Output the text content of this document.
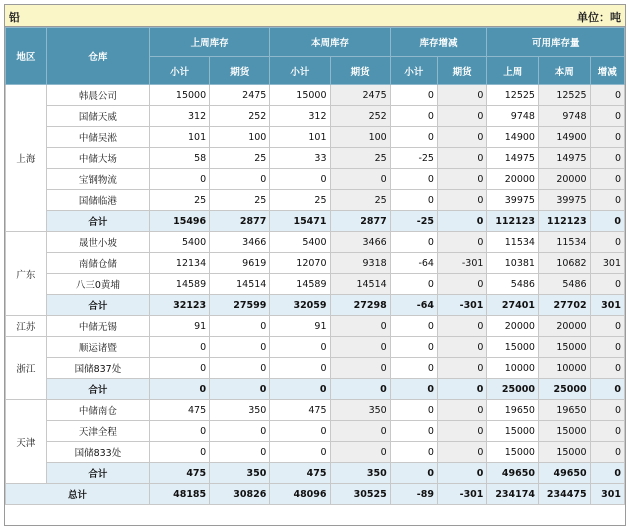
铅	单位：吨
地区	仓库	上周库存		本周库存		库存增减		可用库存量		
		小计	期货	小计	期货	小计	期货	上周	本周	增减
上海	韩晨公司	15000	2475	15000	2475	0	0	12525	12525	0
	国储天威	312	252	312	252	0	0	9748	9748	0
	中储吴淞	101	100	101	100	0	0	14900	14900	0
	中储大场	58	25	33	25	-25	0	14975	14975	0
	宝钢物流	0	0	0	0	0	0	20000	20000	0
	国储临港	25	25	25	25	0	0	39975	39975	0
	合计	15496	2877	15471	2877	-25	0	112123	112123	0
广东	晟世小坡	5400	3466	5400	3466	0	0	11534	11534	0
	南储仓储	12134	9619	12070	9318	-64	-301	10381	10682	301
	八三0黄埔	14589	14514	14589	14514	0	0	5486	5486	0
	合计	32123	27599	32059	27298	-64	-301	27401	27702	301
江苏	中储无锡	91	0	91	0	0	0	20000	20000	0
浙江	顺运诸暨	0	0	0	0	0	0	15000	15000	0
	国储837处	0	0	0	0	0	0	10000	10000	0
	合计	0	0	0	0	0	0	25000	25000	0
天津	中储南仓	475	350	475	350	0	0	19650	19650	0
	天津全程	0	0	0	0	0	0	15000	15000	0
	国储833处	0	0	0	0	0	0	15000	15000	0
	合计	475	350	475	350	0	0	49650	49650	0
总计		48185	30826	48096	30525	-89	-301	234174	234475	301
